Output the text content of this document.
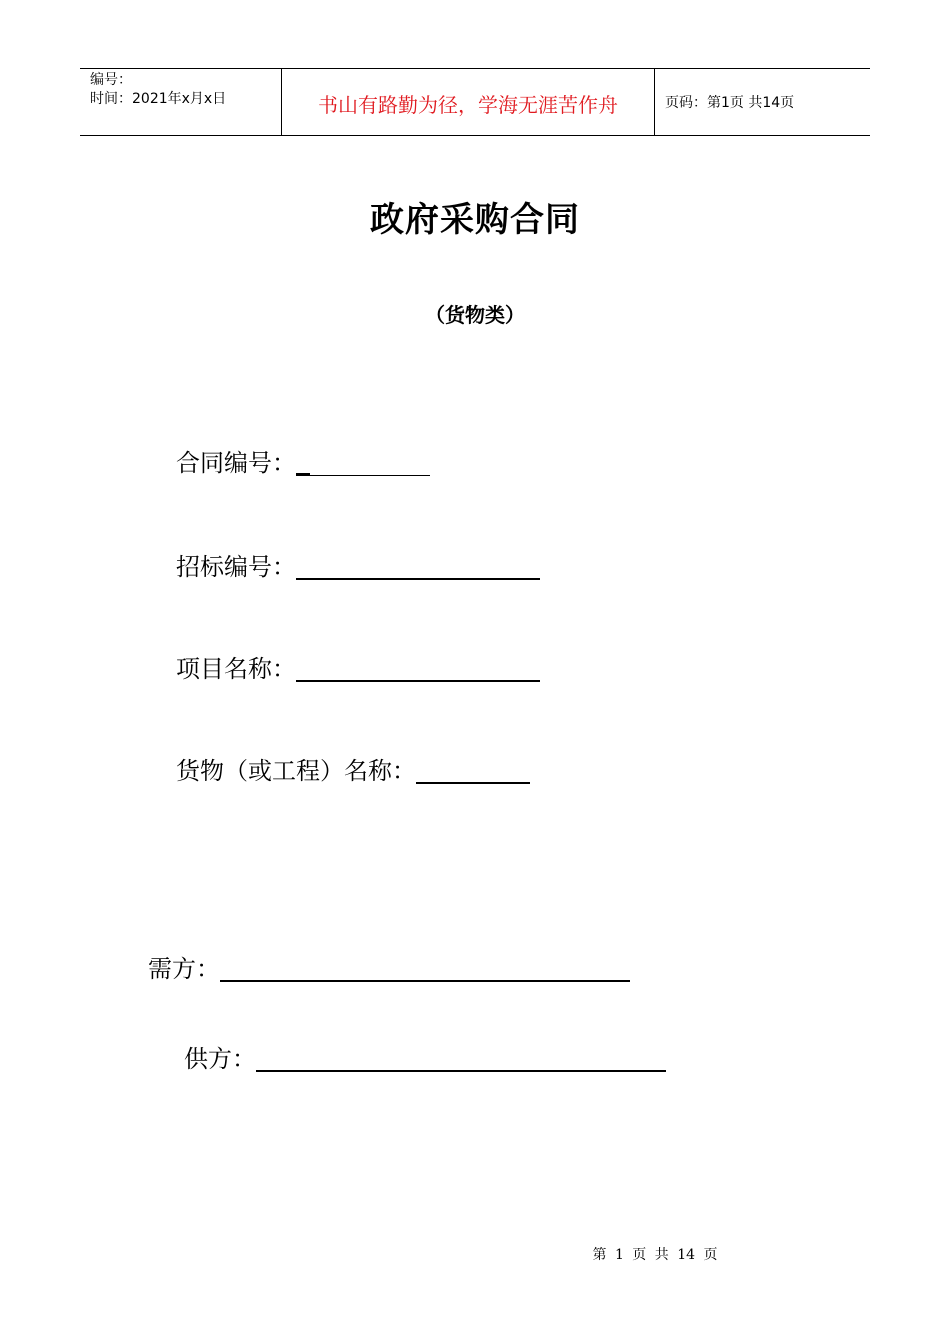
编号：
时间：2021年x月x日	书山有路勤为径，学海无涯苦作舟	页码：第1页 共14页
政府采购合同
（货物类）
合同编号：
招标编号：
项目名称：
货物（或工程）名称：
需方：
供方：
第 1 页 共 14 页
